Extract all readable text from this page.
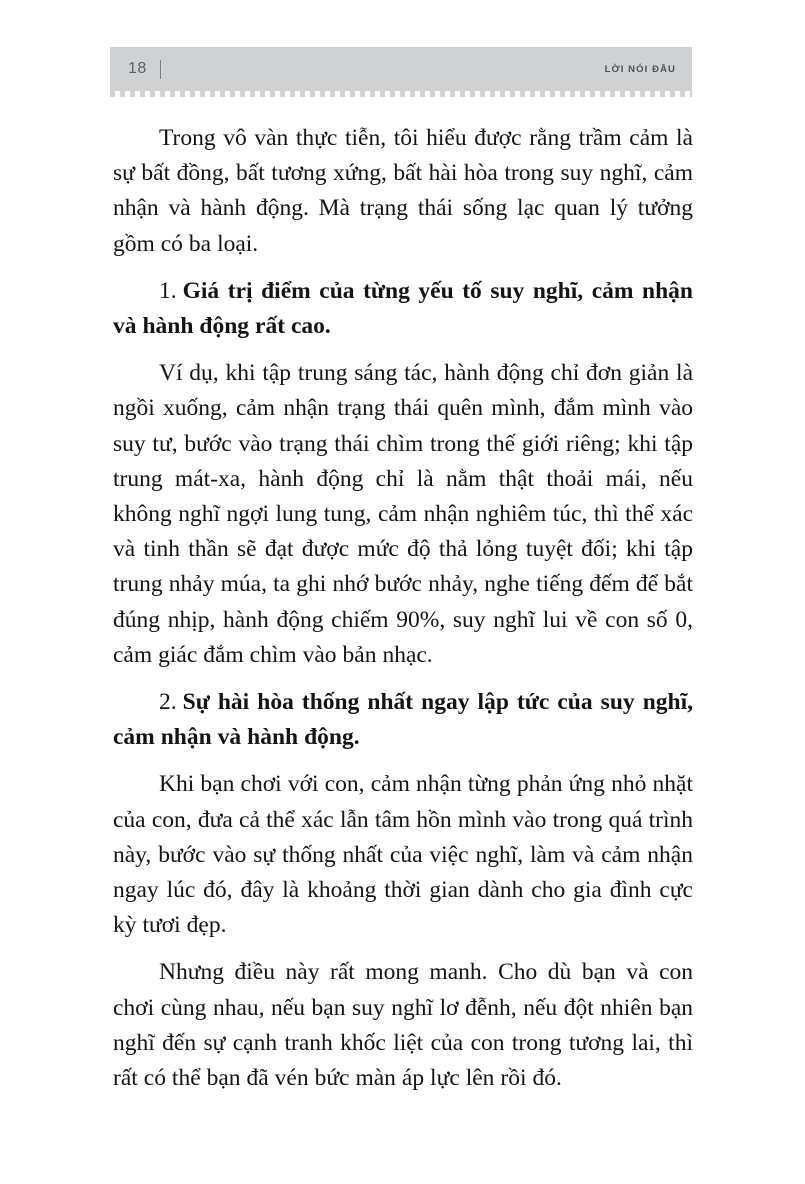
18	LỜI NÓI ĐẦU

Trong vô vàn thực tiễn, tôi hiểu được rằng trầm cảm là sự bất đồng, bất tương xứng, bất hài hòa trong suy nghĩ, cảm nhận và hành động. Mà trạng thái sống lạc quan lý tưởng gồm có ba loại.

1. Giá trị điểm của từng yếu tố suy nghĩ, cảm nhận và hành động rất cao.

Ví dụ, khi tập trung sáng tác, hành động chỉ đơn giản là ngồi xuống, cảm nhận trạng thái quên mình, đắm mình vào suy tư, bước vào trạng thái chìm trong thế giới riêng; khi tập trung mát-xa, hành động chỉ là nằm thật thoải mái, nếu không nghĩ ngợi lung tung, cảm nhận nghiêm túc, thì thể xác và tinh thần sẽ đạt được mức độ thả lỏng tuyệt đối; khi tập trung nhảy múa, ta ghi nhớ bước nhảy, nghe tiếng đếm để bắt đúng nhịp, hành động chiếm 90%, suy nghĩ lui về con số 0, cảm giác đắm chìm vào bản nhạc.

2. Sự hài hòa thống nhất ngay lập tức của suy nghĩ, cảm nhận và hành động.

Khi bạn chơi với con, cảm nhận từng phản ứng nhỏ nhặt của con, đưa cả thể xác lẫn tâm hồn mình vào trong quá trình này, bước vào sự thống nhất của việc nghĩ, làm và cảm nhận ngay lúc đó, đây là khoảng thời gian dành cho gia đình cực kỳ tươi đẹp.

Nhưng điều này rất mong manh. Cho dù bạn và con chơi cùng nhau, nếu bạn suy nghĩ lơ đễnh, nếu đột nhiên bạn nghĩ đến sự cạnh tranh khốc liệt của con trong tương lai, thì rất có thể bạn đã vén bức màn áp lực lên rồi đó.
